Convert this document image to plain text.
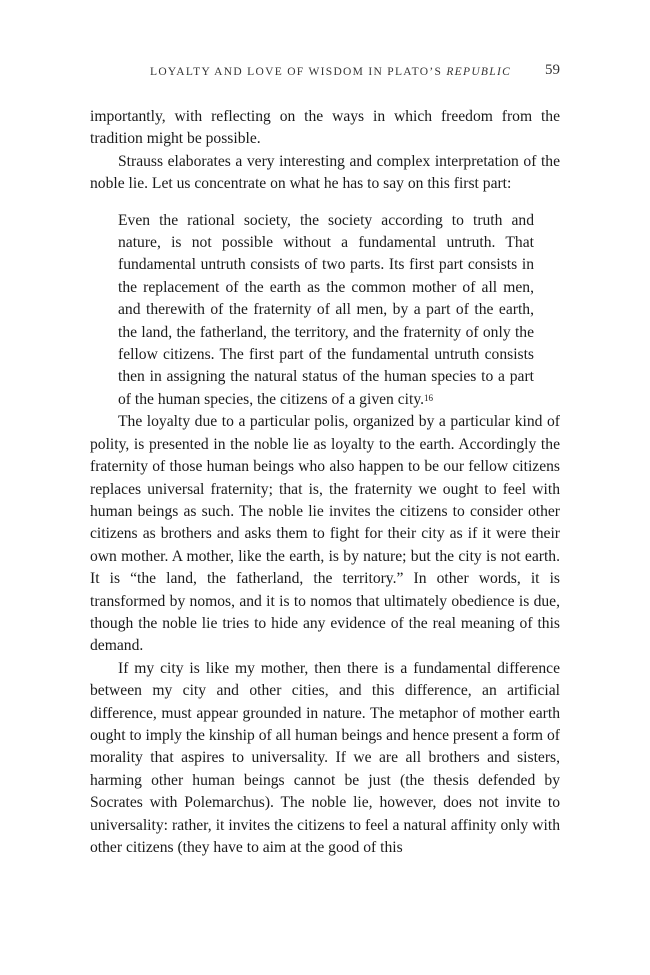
LOYALTY AND LOVE OF WISDOM IN PLATO’S REPUBLIC 59

importantly, with reflecting on the ways in which freedom from the tradition might be possible.

Strauss elaborates a very interesting and complex interpretation of the noble lie. Let us concentrate on what he has to say on this first part:

Even the rational society, the society according to truth and nature, is not possible without a fundamental untruth. That fundamental untruth consists of two parts. Its first part consists in the replacement of the earth as the common mother of all men, and therewith of the fraternity of all men, by a part of the earth, the land, the fatherland, the territory, and the fraternity of only the fellow citizens. The first part of the fundamental untruth consists then in assigning the natural status of the human species to a part of the human species, the citizens of a given city.$^{16}$

The loyalty due to a particular polis, organized by a particular kind of polity, is presented in the noble lie as loyalty to the earth. Accordingly the fraternity of those human beings who also happen to be our fellow citizens replaces universal fraternity; that is, the fraternity we ought to feel with human beings as such. The noble lie invites the citizens to consider other citizens as brothers and asks them to fight for their city as if it were their own mother. A mother, like the earth, is by nature; but the city is not earth. It is “the land, the fatherland, the territory.” In other words, it is transformed by nomos, and it is to nomos that ultimately obedience is due, though the noble lie tries to hide any evidence of the real meaning of this demand.

If my city is like my mother, then there is a fundamental difference between my city and other cities, and this difference, an artificial difference, must appear grounded in nature. The metaphor of mother earth ought to imply the kinship of all human beings and hence present a form of morality that aspires to universality. If we are all brothers and sisters, harming other human beings cannot be just (the thesis defended by Socrates with Polemarchus). The noble lie, however, does not invite to universality: rather, it invites the citizens to feel a natural affinity only with other citizens (they have to aim at the good of this
